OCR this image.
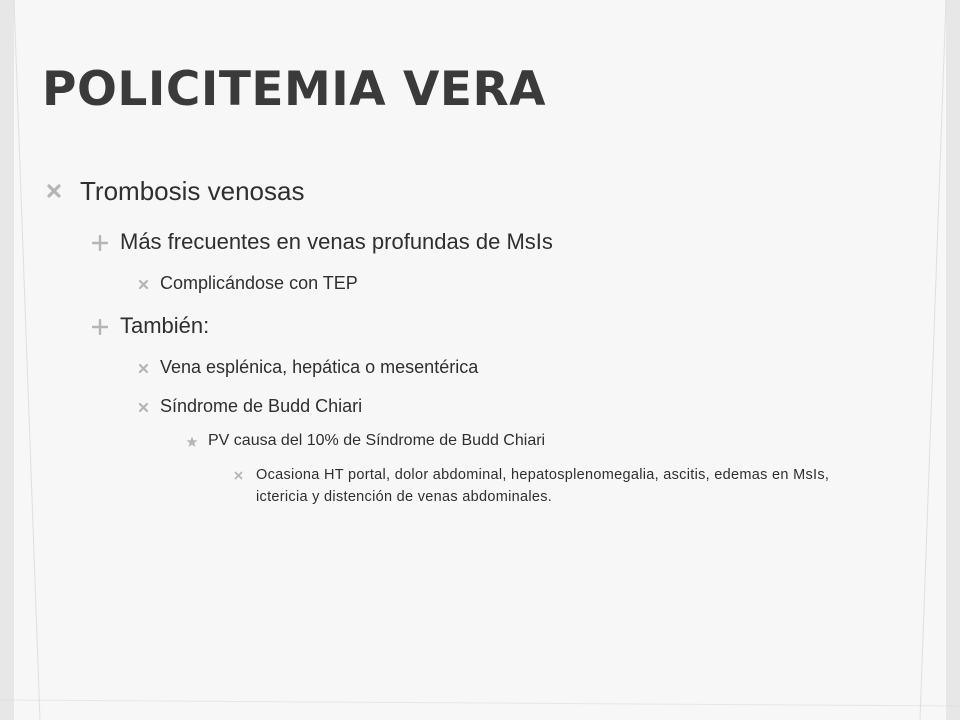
POLICITEMIA VERA
Trombosis venosas
Más frecuentes en venas profundas de MsIs
Complicándose con TEP
También:
Vena esplénica, hepática o mesentérica
Síndrome de Budd Chiari
PV causa del 10% de Síndrome de Budd Chiari
Ocasiona HT portal, dolor abdominal, hepatosplenomegalia, ascitis, edemas en MsIs, ictericia y distención de venas abdominales.
